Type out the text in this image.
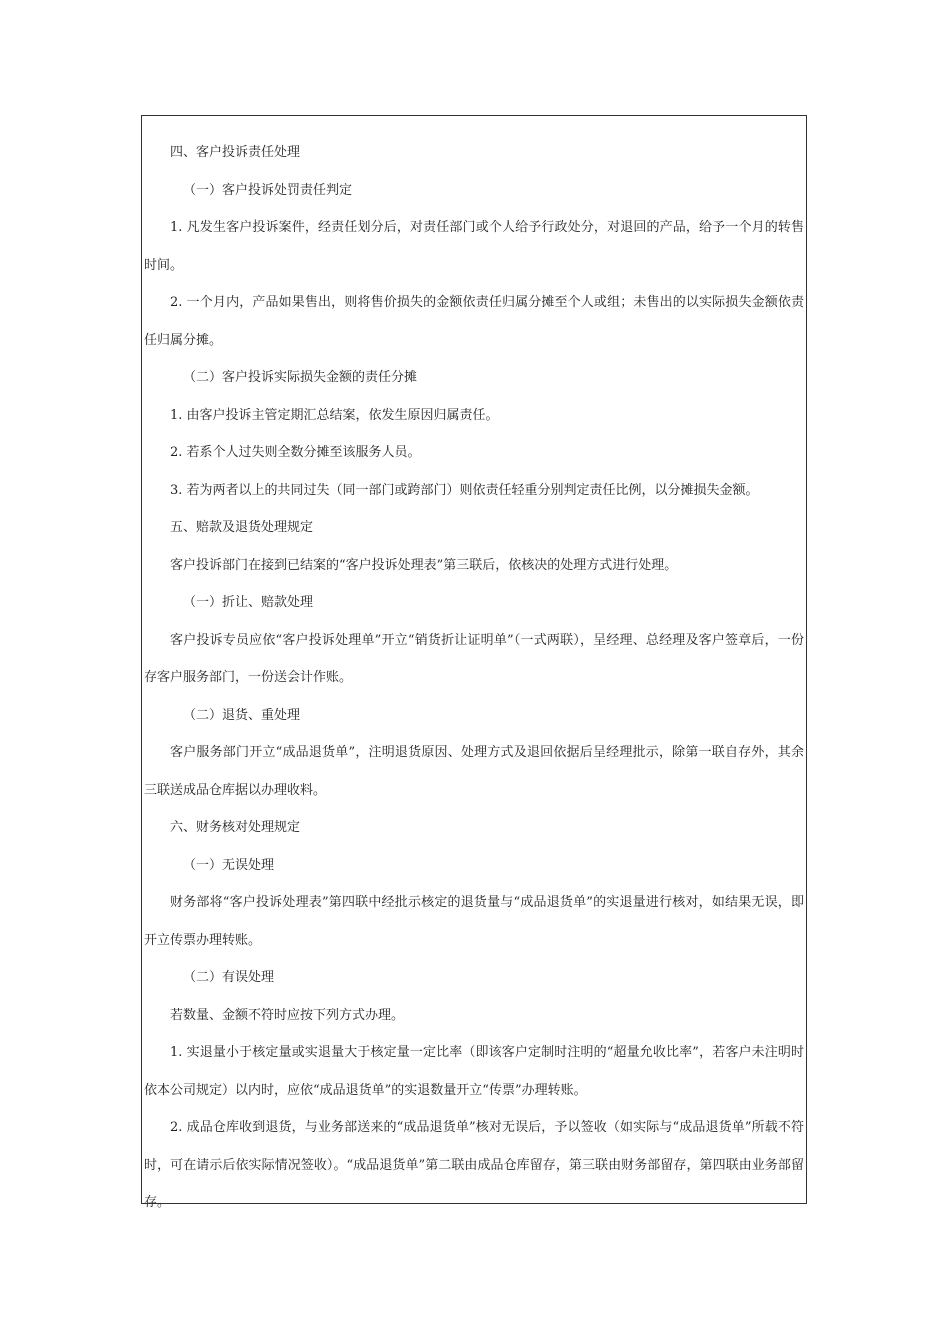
四、客户投诉责任处理

（一）客户投诉处罚责任判定

1. 凡发生客户投诉案件，经责任划分后，对责任部门或个人给予行政处分，对退回的产品，给予一个月的转售时间。

2. 一个月内，产品如果售出，则将售价损失的金额依责任归属分摊至个人或组；未售出的以实际损失金额依责任归属分摊。

（二）客户投诉实际损失金额的责任分摊

1. 由客户投诉主管定期汇总结案，依发生原因归属责任。

2. 若系个人过失则全数分摊至该服务人员。

3. 若为两者以上的共同过失（同一部门或跨部门）则依责任轻重分别判定责任比例，以分摊损失金额。

五、赔款及退货处理规定

客户投诉部门在接到已结案的“客户投诉处理表”第三联后，依核决的处理方式进行处理。

（一）折让、赔款处理

客户投诉专员应依“客户投诉处理单”开立“销货折让证明单”（一式两联），呈经理、总经理及客户签章后，一份存客户服务部门，一份送会计作账。

（二）退货、重处理

客户服务部门开立“成品退货单”，注明退货原因、处理方式及退回依据后呈经理批示，除第一联自存外，其余三联送成品仓库据以办理收料。

六、财务核对处理规定

（一）无误处理

财务部将“客户投诉处理表”第四联中经批示核定的退货量与“成品退货单”的实退量进行核对，如结果无误，即开立传票办理转账。

（二）有误处理

若数量、金额不符时应按下列方式办理。

1. 实退量小于核定量或实退量大于核定量一定比率（即该客户定制时注明的“超量允收比率”，若客户未注明时依本公司规定）以内时，应依“成品退货单”的实退数量开立“传票”办理转账。

2. 成品仓库收到退货，与业务部送来的“成品退货单”核对无误后，予以签收（如实际与“成品退货单”所载不符时，可在请示后依实际情况签收）。“成品退货单”第二联由成品仓库留存，第三联由财务部留存，第四联由业务部留存。
